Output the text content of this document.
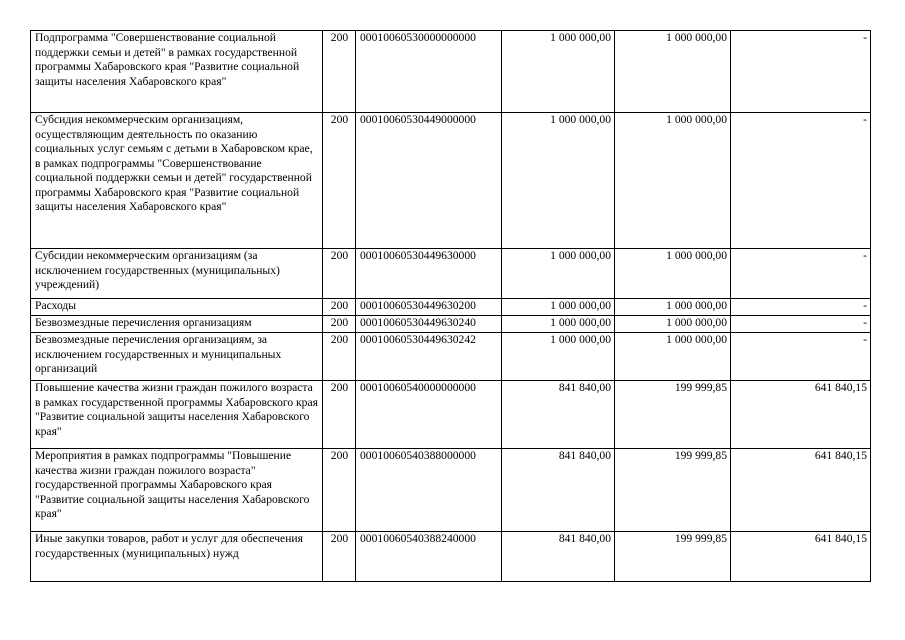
Подпрограмма "Совершенствование социальной поддержки семьи и детей" в рамках государственной программы Хабаровского края "Развитие социальной защиты населения Хабаровского края"	200	00010060530000000000	1 000 000,00	1 000 000,00	-
Субсидия некоммерческим организациям, осуществляющим деятельность по оказанию социальных услуг семьям с детьми в Хабаровском крае, в рамках подпрограммы "Совершенствование социальной поддержки семьи и детей" государственной программы Хабаровского края "Развитие социальной защиты населения Хабаровского края"	200	00010060530449000000	1 000 000,00	1 000 000,00	-
Субсидии некоммерческим организациям (за исключением государственных (муниципальных) учреждений)	200	00010060530449630000	1 000 000,00	1 000 000,00	-
Расходы	200	00010060530449630200	1 000 000,00	1 000 000,00	-
Безвозмездные перечисления организациям	200	00010060530449630240	1 000 000,00	1 000 000,00	-
Безвозмездные перечисления организациям, за исключением государственных и муниципальных организаций	200	00010060530449630242	1 000 000,00	1 000 000,00	-
Повышение качества жизни граждан пожилого возраста в рамках государственной программы Хабаровского края "Развитие социальной защиты населения Хабаровского края"	200	00010060540000000000	841 840,00	199 999,85	641 840,15
Мероприятия в рамках подпрограммы "Повышение качества жизни граждан пожилого возраста" государственной программы Хабаровского края "Развитие социальной защиты населения Хабаровского края"	200	00010060540388000000	841 840,00	199 999,85	641 840,15
Иные закупки товаров, работ и услуг для обеспечения государственных (муниципальных) нужд	200	00010060540388240000	841 840,00	199 999,85	641 840,15
